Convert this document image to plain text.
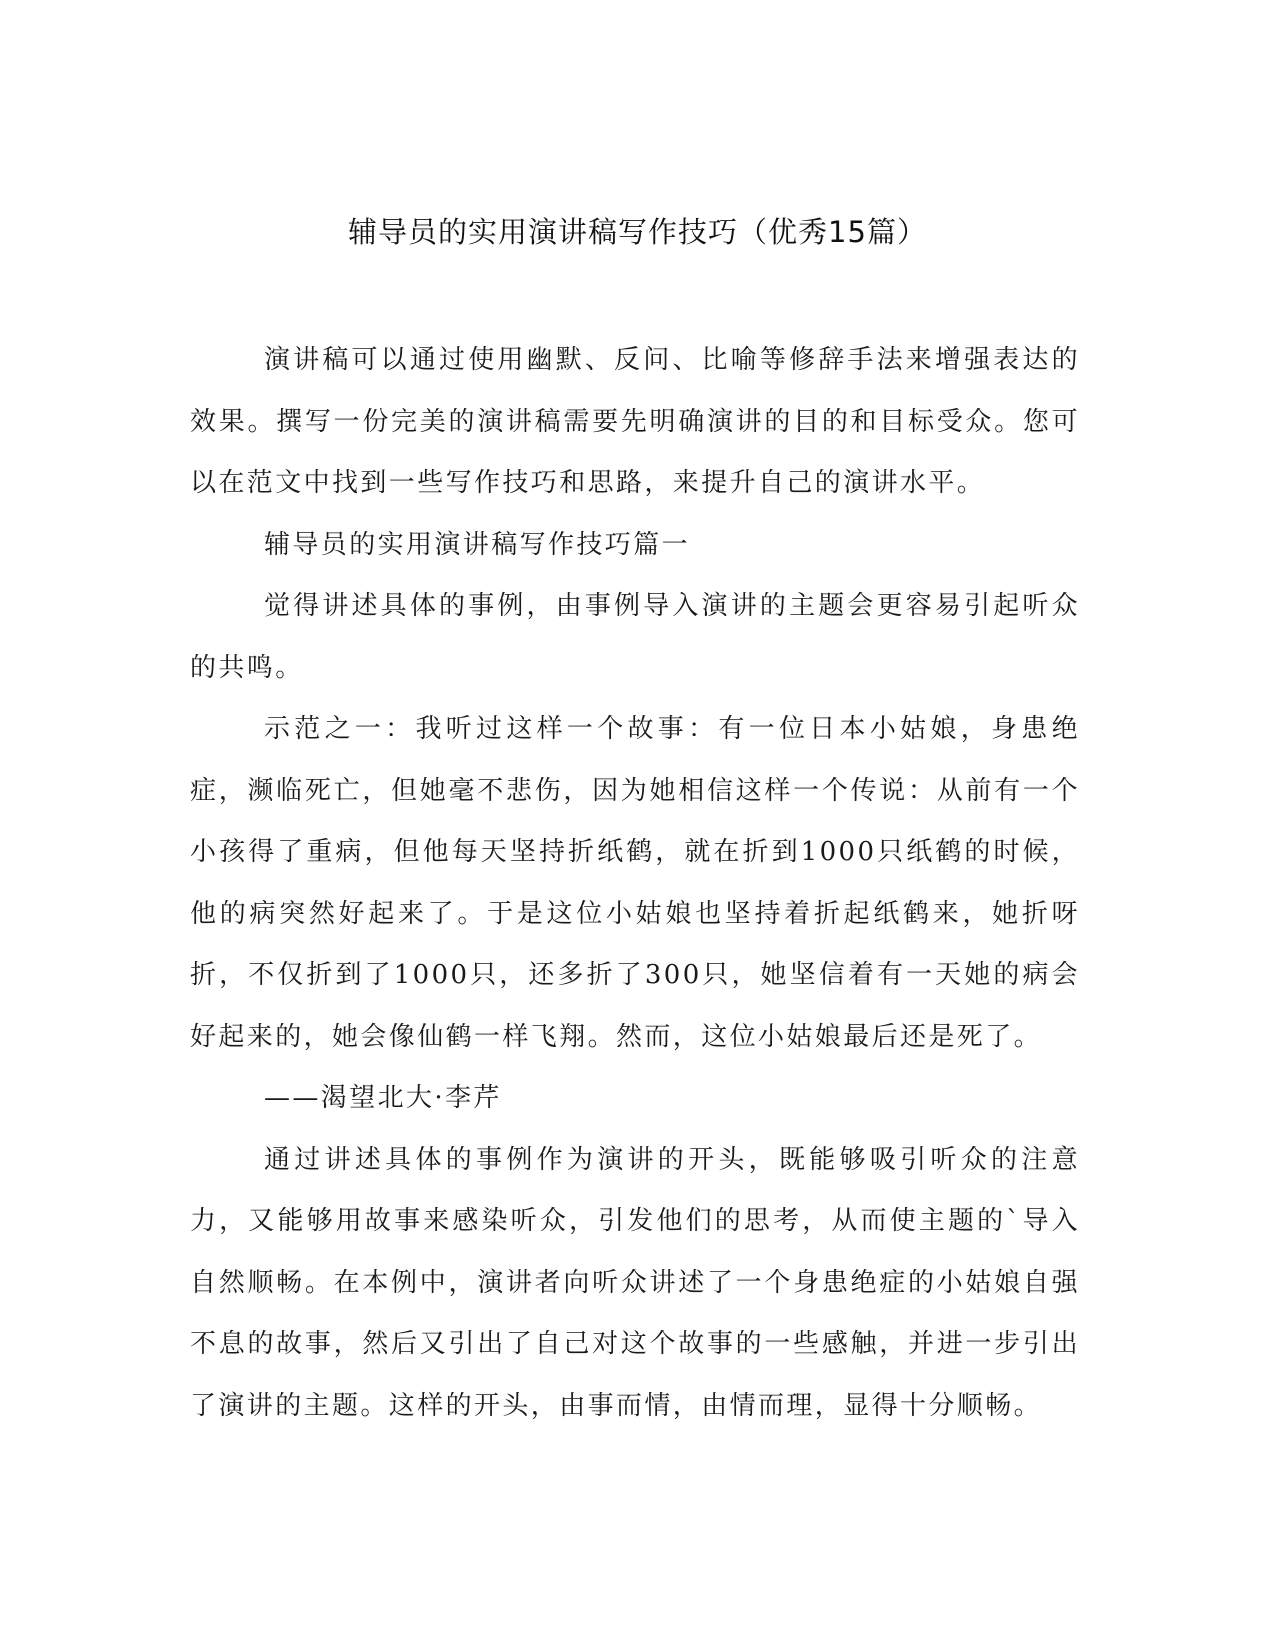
辅导员的实用演讲稿写作技巧（优秀15篇）

演讲稿可以通过使用幽默、反问、比喻等修辞手法来增强表达的效果。撰写一份完美的演讲稿需要先明确演讲的目的和目标受众。您可以在范文中找到一些写作技巧和思路，来提升自己的演讲水平。

辅导员的实用演讲稿写作技巧篇一

觉得讲述具体的事例，由事例导入演讲的主题会更容易引起听众的共鸣。

示范之一：我听过这样一个故事：有一位日本小姑娘，身患绝症，濒临死亡，但她毫不悲伤，因为她相信这样一个传说：从前有一个小孩得了重病，但他每天坚持折纸鹤，就在折到1000只纸鹤的时候，他的病突然好起来了。于是这位小姑娘也坚持着折起纸鹤来，她折呀折，不仅折到了1000只，还多折了300只，她坚信着有一天她的病会好起来的，她会像仙鹤一样飞翔。然而，这位小姑娘最后还是死了。

——渴望北大·李芹

通过讲述具体的事例作为演讲的开头，既能够吸引听众的注意力，又能够用故事来感染听众，引发他们的思考，从而使主题的`导入自然顺畅。在本例中，演讲者向听众讲述了一个身患绝症的小姑娘自强不息的故事，然后又引出了自己对这个故事的一些感触，并进一步引出了演讲的主题。这样的开头，由事而情，由情而理，显得十分顺畅。
